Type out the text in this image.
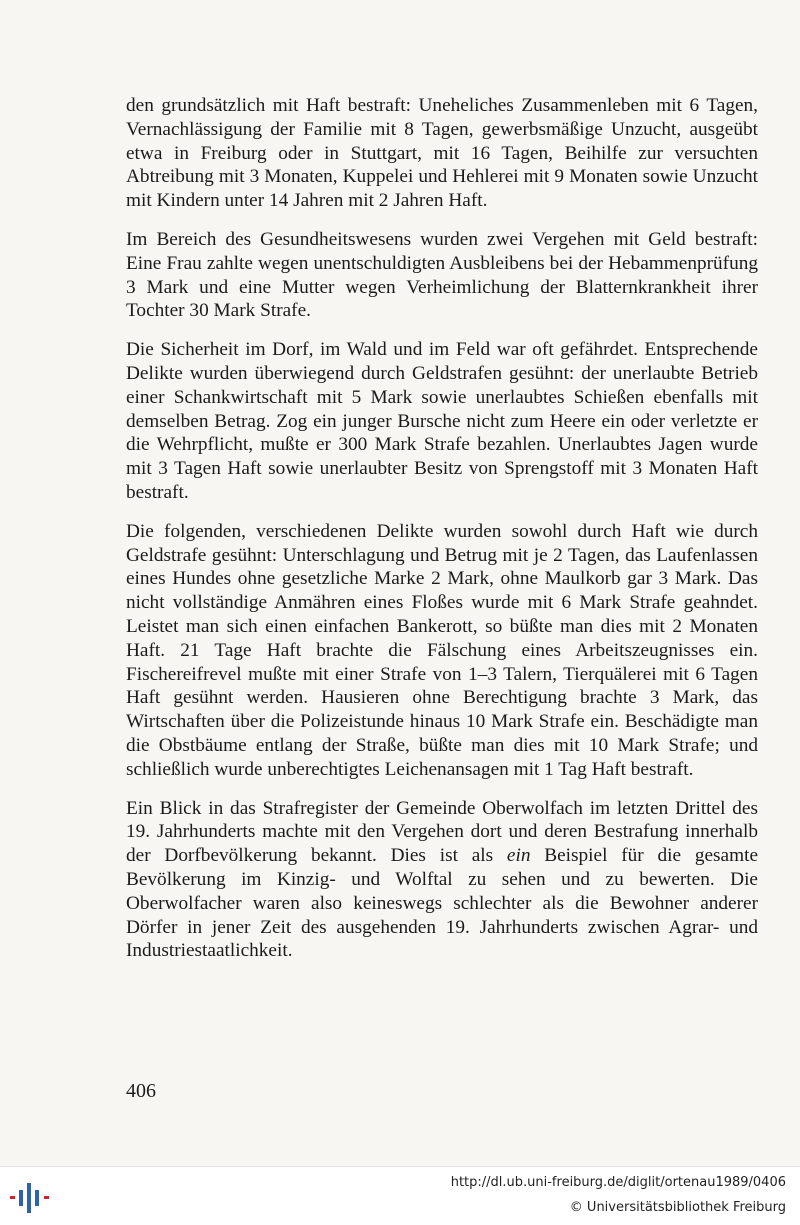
den grundsätzlich mit Haft bestraft: Uneheliches Zusammenleben mit 6 Tagen, Vernachlässigung der Familie mit 8 Tagen, gewerbsmäßige Unzucht, ausgeübt etwa in Freiburg oder in Stuttgart, mit 16 Tagen, Beihilfe zur versuchten Abtreibung mit 3 Monaten, Kuppelei und Hehlerei mit 9 Monaten sowie Unzucht mit Kindern unter 14 Jahren mit 2 Jahren Haft.

Im Bereich des Gesundheitswesens wurden zwei Vergehen mit Geld bestraft: Eine Frau zahlte wegen unentschuldigten Ausbleibens bei der Hebammenprüfung 3 Mark und eine Mutter wegen Verheimlichung der Blatternkrankheit ihrer Tochter 30 Mark Strafe.

Die Sicherheit im Dorf, im Wald und im Feld war oft gefährdet. Entsprechende Delikte wurden überwiegend durch Geldstrafen gesühnt: der unerlaubte Betrieb einer Schankwirtschaft mit 5 Mark sowie unerlaubtes Schießen ebenfalls mit demselben Betrag. Zog ein junger Bursche nicht zum Heere ein oder verletzte er die Wehrpflicht, mußte er 300 Mark Strafe bezahlen. Unerlaubtes Jagen wurde mit 3 Tagen Haft sowie unerlaubter Besitz von Sprengstoff mit 3 Monaten Haft bestraft.

Die folgenden, verschiedenen Delikte wurden sowohl durch Haft wie durch Geldstrafe gesühnt: Unterschlagung und Betrug mit je 2 Tagen, das Laufenlassen eines Hundes ohne gesetzliche Marke 2 Mark, ohne Maulkorb gar 3 Mark. Das nicht vollständige Anmähren eines Floßes wurde mit 6 Mark Strafe geahndet. Leistet man sich einen einfachen Bankerott, so büßte man dies mit 2 Monaten Haft. 21 Tage Haft brachte die Fälschung eines Arbeitszeugnisses ein. Fischereifrevel mußte mit einer Strafe von 1–3 Talern, Tierquälerei mit 6 Tagen Haft gesühnt werden. Hausieren ohne Berechtigung brachte 3 Mark, das Wirtschaften über die Polizeistunde hinaus 10 Mark Strafe ein. Beschädigte man die Obstbäume entlang der Straße, büßte man dies mit 10 Mark Strafe; und schließlich wurde unberechtigtes Leichenansagen mit 1 Tag Haft bestraft.

Ein Blick in das Strafregister der Gemeinde Oberwolfach im letzten Drittel des 19. Jahrhunderts machte mit den Vergehen dort und deren Bestrafung innerhalb der Dorfbevölkerung bekannt. Dies ist als ein Beispiel für die gesamte Bevölkerung im Kinzig- und Wolftal zu sehen und zu bewerten. Die Oberwolfacher waren also keineswegs schlechter als die Bewohner anderer Dörfer in jener Zeit des ausgehenden 19. Jahrhunderts zwischen Agrar- und Industriestaatlichkeit.

406
http://dl.ub.uni-freiburg.de/diglit/ortenau1989/0406
© Universitätsbibliothek Freiburg
